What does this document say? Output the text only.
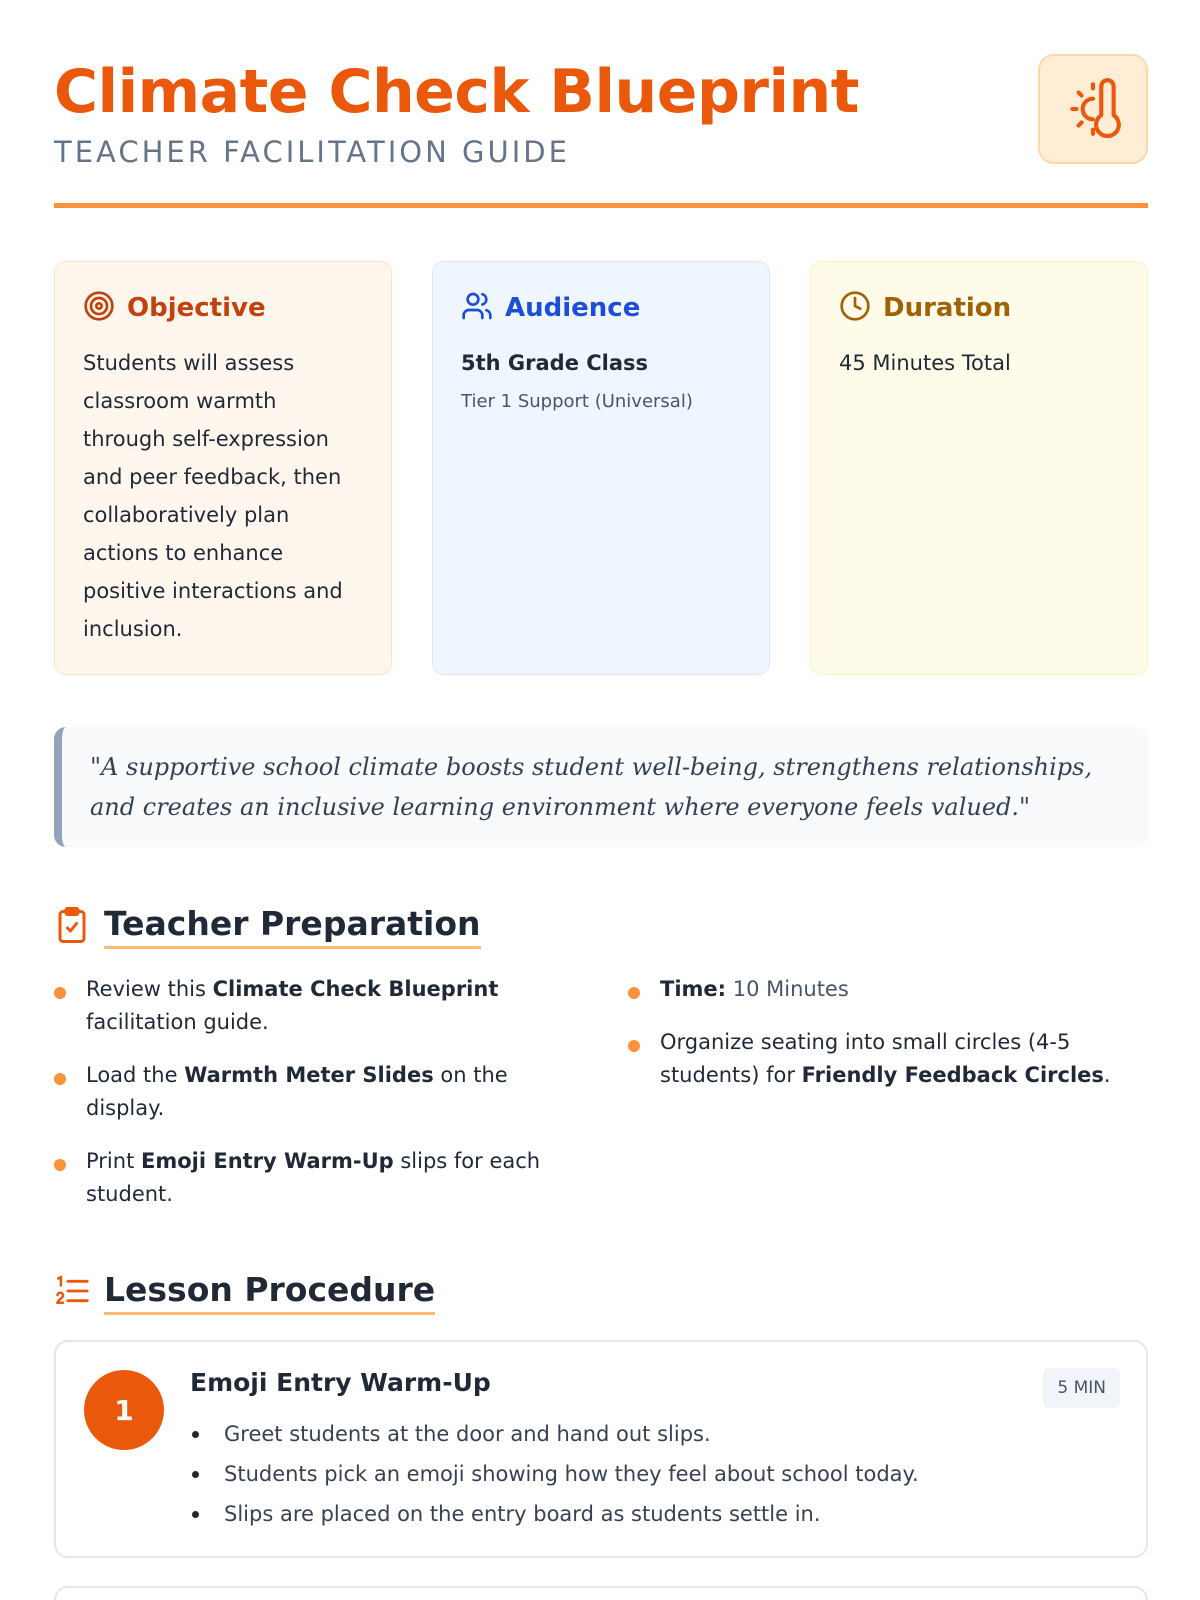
Climate Check Blueprint
TEACHER FACILITATION GUIDE
Objective
Students will assess classroom warmth through self-expression and peer feedback, then collaboratively plan actions to enhance positive interactions and inclusion.
Audience
5th Grade Class
Tier 1 Support (Universal)
Duration
45 Minutes Total
"A supportive school climate boosts student well-being, strengthens relationships, and creates an inclusive learning environment where everyone feels valued."
Teacher Preparation
Review this Climate Check Blueprint facilitation guide.
Load the Warmth Meter Slides on the display.
Print Emoji Entry Warm-Up slips for each student.
Time: 10 Minutes
Organize seating into small circles (4-5 students) for Friendly Feedback Circles.
Lesson Procedure
1
Emoji Entry Warm-Up	5 MIN
Greet students at the door and hand out slips.
Students pick an emoji showing how they feel about school today.
Slips are placed on the entry board as students settle in.
